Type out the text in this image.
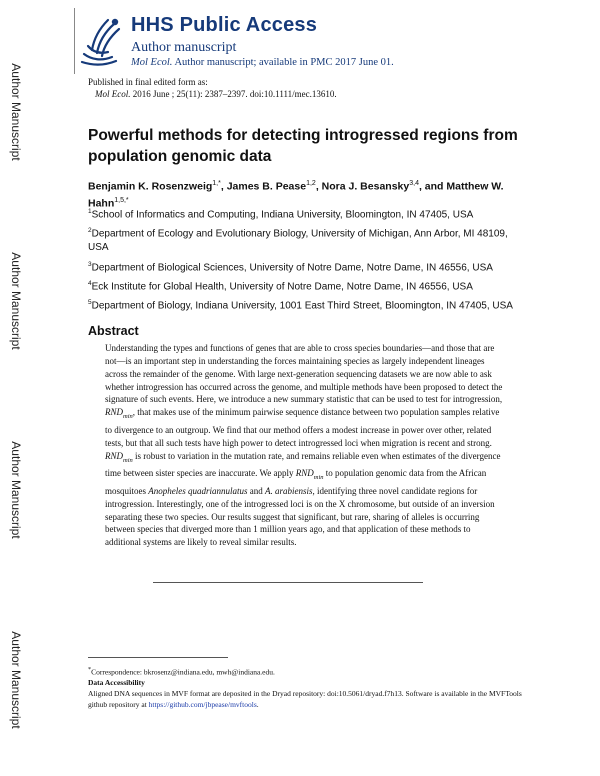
Author Manuscript
Author Manuscript
Author Manuscript
Author Manuscript
HHS Public Access
Author manuscript
Mol Ecol. Author manuscript; available in PMC 2017 June 01.
Published in final edited form as:
Mol Ecol. 2016 June ; 25(11): 2387–2397. doi:10.1111/mec.13610.
Powerful methods for detecting introgressed regions from population genomic data
Benjamin K. Rosenzweig$^{1,*}$, James B. Pease$^{1,2}$, Nora J. Besansky$^{3,4}$, and Matthew W. Hahn$^{1,5,*}$
$^1$School of Informatics and Computing, Indiana University, Bloomington, IN 47405, USA
$^2$Department of Ecology and Evolutionary Biology, University of Michigan, Ann Arbor, MI 48109, USA
$^3$Department of Biological Sciences, University of Notre Dame, Notre Dame, IN 46556, USA
$^4$Eck Institute for Global Health, University of Notre Dame, Notre Dame, IN 46556, USA
$^5$Department of Biology, Indiana University, 1001 East Third Street, Bloomington, IN 47405, USA
Abstract
Understanding the types and functions of genes that are able to cross species boundaries—and those that are not—is an important step in understanding the forces maintaining species as largely independent lineages across the remainder of the genome. With large next-generation sequencing datasets we are now able to ask whether introgression has occurred across the genome, and multiple methods have been proposed to detect the signature of such events. Here, we introduce a new summary statistic that can be used to test for introgression, $RND_{min}$, that makes use of the minimum pairwise sequence distance between two population samples relative to divergence to an outgroup. We find that our method offers a modest increase in power over other, related tests, but that all such tests have high power to detect introgressed loci when migration is recent and strong. $RND_{min}$ is robust to variation in the mutation rate, and remains reliable even when estimates of the divergence time between sister species are inaccurate. We apply $RND_{min}$ to population genomic data from the African mosquitoes Anopheles quadriannulatus and A. arabiensis, identifying three novel candidate regions for introgression. Interestingly, one of the introgressed loci is on the X chromosome, but outside of an inversion separating these two species. Our results suggest that significant, but rare, sharing of alleles is occurring between species that diverged more than 1 million years ago, and that application of these methods to additional systems are likely to reveal similar results.
*Correspondence: bkrosenz@indiana.edu, mwh@indiana.edu.
Data Accessibility
Aligned DNA sequences in MVF format are deposited in the Dryad repository: doi:10.5061/dryad.f7h13. Software is available in the MVFTools github repository at https://github.com/jbpease/mvftools.
